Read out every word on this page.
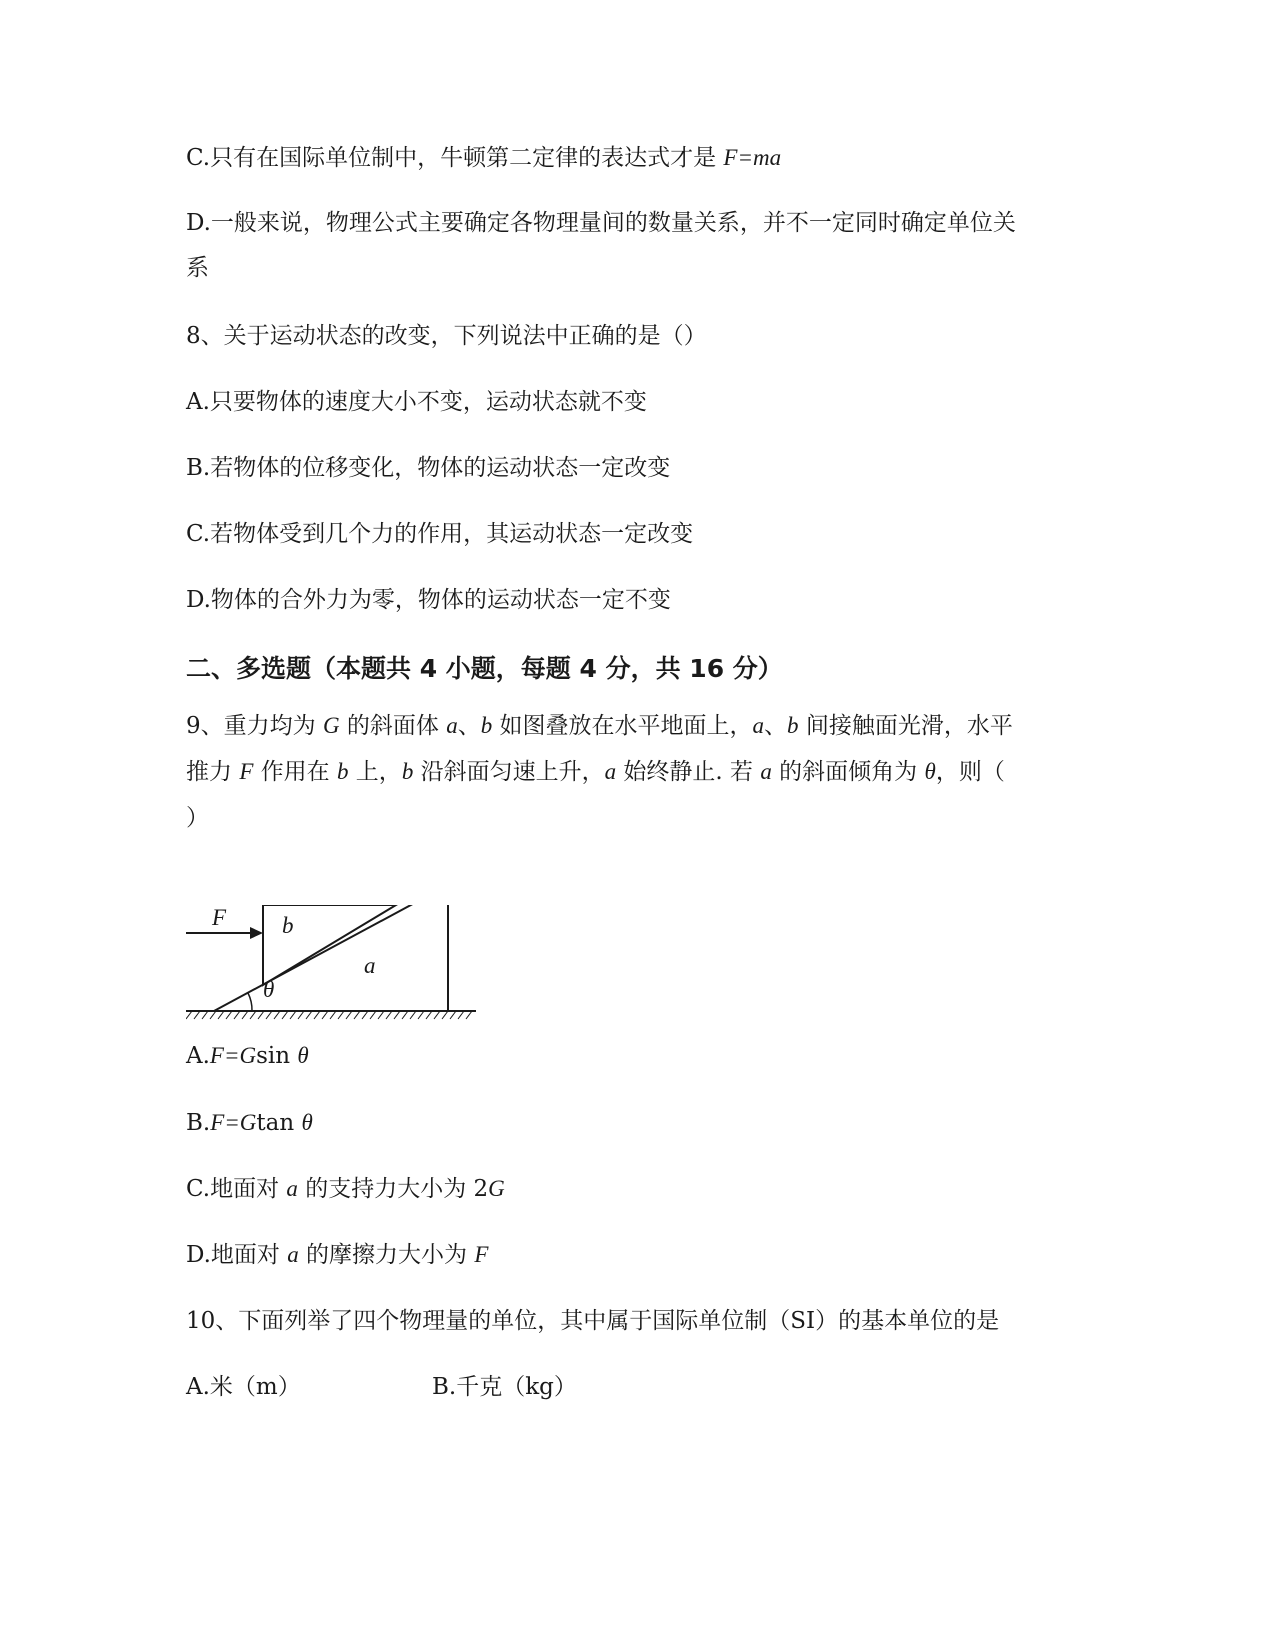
C.只有在国际单位制中，牛顿第二定律的表达式才是 F=ma
D.一般来说，物理公式主要确定各物理量间的数量关系，并不一定同时确定单位关
系
8、关于运动状态的改变，下列说法中正确的是（）
A.只要物体的速度大小不变，运动状态就不变
B.若物体的位移变化，物体的运动状态一定改变
C.若物体受到几个力的作用，其运动状态一定改变
D.物体的合外力为零，物体的运动状态一定不变
二、多选题（本题共 4 小题，每题 4 分，共 16 分）
9、重力均为 G 的斜面体 a、b 如图叠放在水平地面上，a、b 间接触面光滑，水平
推力 F 作用在 b 上，b 沿斜面匀速上升，a 始终静止. 若 a 的斜面倾角为 θ，则（
）
F b
a
θ
A.F=Gsin θ
B.F=Gtan θ
C.地面对 a 的支持力大小为 2G
D.地面对 a 的摩擦力大小为 F
10、下面列举了四个物理量的单位，其中属于国际单位制（SI）的基本单位的是
A.米（m）	B.千克（kg）
